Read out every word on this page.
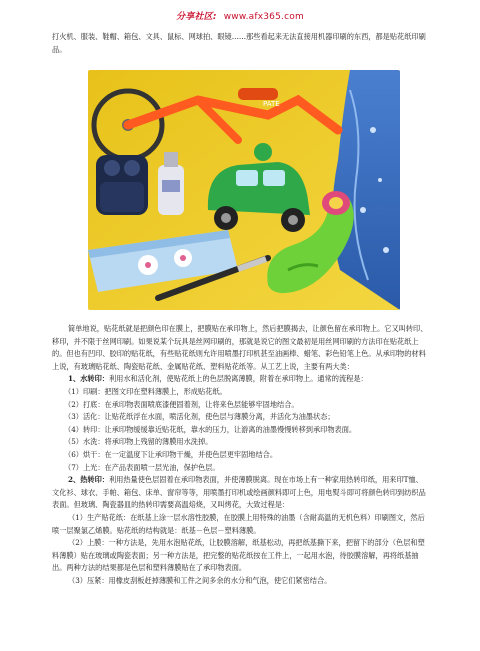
分享社区: www.afx365.com

打火机、服装、鞋帽、箱包、文具、鼠标、网球拍、眼镜……那些看起来无法直接用机器印刷的东西，都是贴花纸印刷品。

PATE
简单地说，贴花纸就是把颜色印在膜上，把膜贴在承印物上，然后把膜揭去，让颜色留在承印物上。它又叫转印、移印，并不限于丝网印刷。如果说某个玩具是丝网印刷的，那就是说它的图文最初是用丝网印刷的方法印在贴花纸上的。但也有凹印、胶印的贴花纸，有些贴花纸则允许用喷墨打印机甚至油画棒、蜡笔、彩色铅笔上色。从承印物的材料上说，有玻璃贴花纸、陶瓷贴花纸、金属贴花纸、塑料贴花纸等。从工艺上说，主要有两大类：
1、水转印：利用水和活化剂，使贴花纸上的色层脱离薄膜，附着在承印物上。通常的流程是：
（1）印刷：把图文印在塑料薄膜上，形成贴花纸。
（2）打底：在承印物表面喷底漆便固着剂，让将来色层能够牢固地结合。
（3）活化：让贴花纸浮在水面，喷活化剂，使色层与薄膜分离，并活化为油墨状态；
（4）转印：让承印物缓缓靠近贴花纸，靠水的压力，让游离的油墨慢慢转移到承印物表面。
（5）水洗：将承印物上残留的薄膜用水洗掉。
（6）烘干：在一定温度下让承印物干燥，并使色层更牢固地结合。
（7）上光：在产品表面喷一层光油，保护色层。
2、热转印：利用热量使色层固着在承印物表面，并使薄膜脱离。现在市场上有一种家用热转印纸，用来印T恤、文化衫、球衣、手帕、箱包、床单、窗帘等等，用喷墨打印机或绘画颜料即可上色，用电熨斗即可将颜色转印到纺织品表面。但玻璃、陶瓷器皿的热转印需要高温焙烧，又叫烤花，大致过程是：
（1）生产贴花纸：在纸基上涂一层水溶性胶膜，在胶膜上用特殊的油墨（含耐高温的无机色料）印刷图文，然后喷一层聚氯乙烯膜。贴花纸的结构就是：纸基－色层－塑料薄膜。
（2）上膜：一种方法是，先用水泡贴花纸，让胶膜溶解，纸基松动，再把纸基撕下来，把留下的部分（色层和塑料薄膜）贴在玻璃或陶瓷表面；另一种方法是，把完整的贴花纸按在工件上，一起用水泡，待胶膜溶解，再将纸基抽出。两种方法的结果都是色层和塑料薄膜贴在了承印物表面。
（3）压紧：用橡皮刮板赶掉薄膜和工件之间多余的水分和气泡，使它们紧密结合。
